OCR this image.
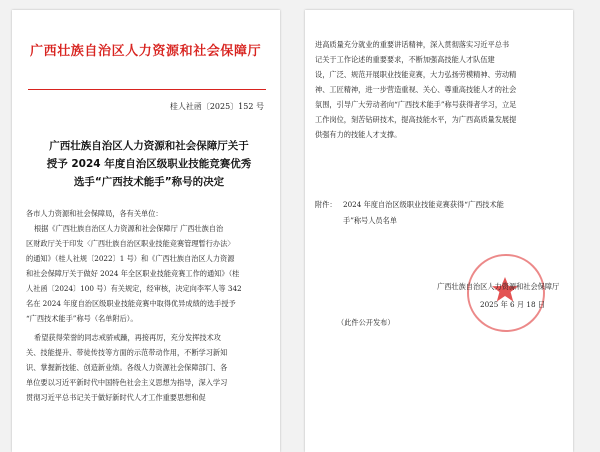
广西壮族自治区人力资源和社会保障厅
桂人社函〔2025〕152 号
广西壮族自治区人力资源和社会保障厅关于
授予 2024 年度自治区级职业技能竞赛优秀
选手“广西技术能手”称号的决定
各市人力资源和社会保障局，各有关单位：
根据《广西壮族自治区人力资源和社会保障厅 广西壮族自治
区财政厅关于印发〈广西壮族自治区职业技能竞赛管理暂行办法〉
的通知》（桂人社规〔2022〕1 号）和《广西壮族自治区人力资源
和社会保障厅关于做好 2024 年全区职业技能竞赛工作的通知》（桂
人社函〔2024〕100 号）有关规定，经审核，决定向李军人等 342
名在 2024 年度自治区级职业技能竞赛中取得优异成绩的选手授予
“广西技术能手”称号（名单附后）。
希望获得荣誉的同志戒骄戒躁，再接再厉，充分发挥技术攻
关、技能提升、带徒传技等方面的示范带动作用，不断学习新知
识、掌握新技能、创造新业绩。各级人力资源社会保障部门、各
单位要以习近平新时代中国特色社会主义思想为指导，深入学习
贯彻习近平总书记关于做好新时代人才工作重要思想和促
进高质量充分就业的重要讲话精神，深入贯彻落实习近平总书
记关于工作论述的重要要求，不断加强高技能人才队伍建
设，广泛、规范开展职业技能竞赛，大力弘扬劳模精神、劳动精
神、工匠精神，进一步营造重视、关心、尊重高技能人才的社会
氛围，引导广大劳动者向“广西技术能手”称号获得者学习，立足
工作岗位，刻苦钻研技术，提高技能水平，为广西高质量发展提
供强有力的技能人才支撑。
附件： 2024 年度自治区级职业技能竞赛获得“广西技术能
手”称号人员名单
广西壮族自治区人力资源和社会保障厅
2025 年 6 月 18 日
（此件公开发布）
